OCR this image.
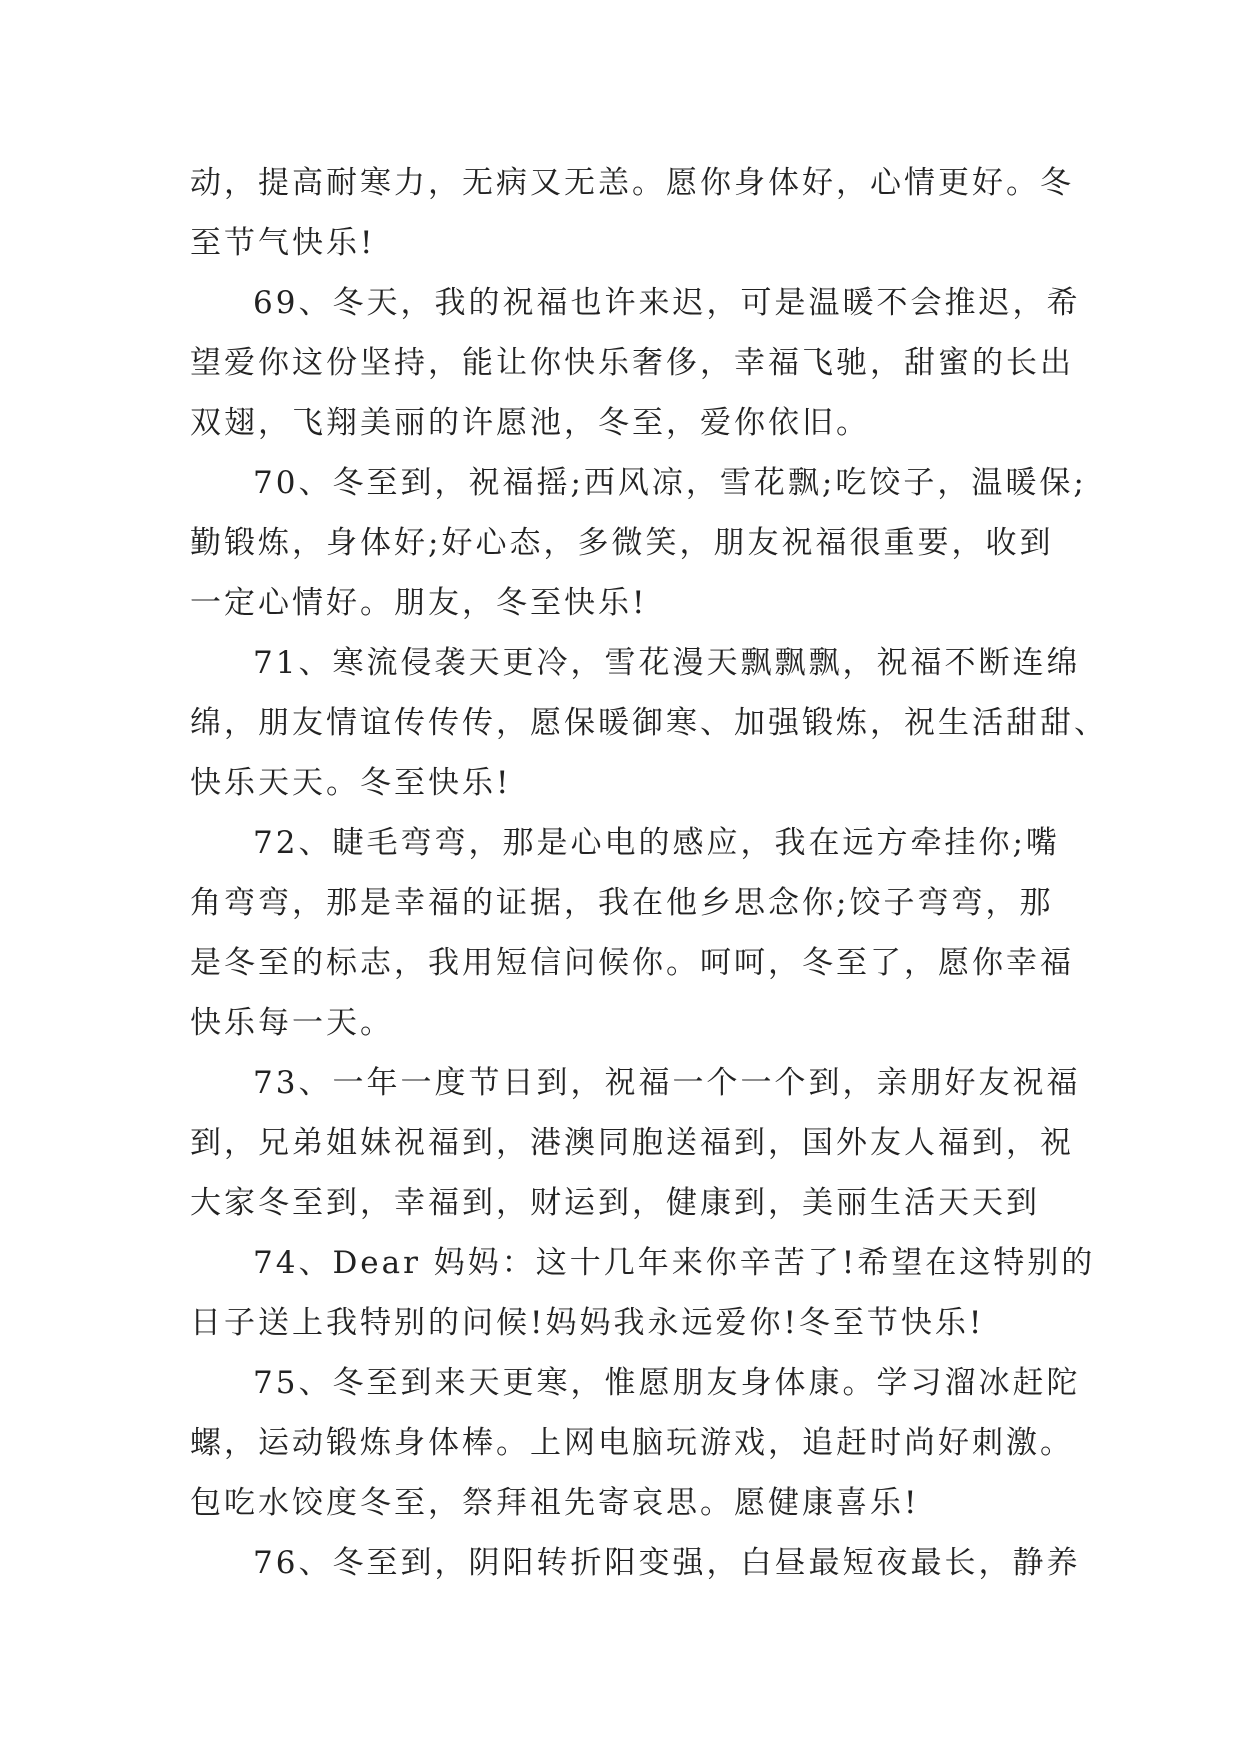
动，提高耐寒力，无病又无恙。愿你身体好，心情更好。冬
至节气快乐!
69、冬天，我的祝福也许来迟，可是温暖不会推迟，希
望爱你这份坚持，能让你快乐奢侈，幸福飞驰，甜蜜的长出
双翅，飞翔美丽的许愿池，冬至，爱你依旧。
70、冬至到，祝福摇;西风凉，雪花飘;吃饺子，温暖保;
勤锻炼，身体好;好心态，多微笑，朋友祝福很重要，收到
一定心情好。朋友，冬至快乐!
71、寒流侵袭天更冷，雪花漫天飘飘飘，祝福不断连绵
绵，朋友情谊传传传，愿保暖御寒、加强锻炼，祝生活甜甜、
快乐天天。冬至快乐!
72、睫毛弯弯，那是心电的感应，我在远方牵挂你;嘴
角弯弯，那是幸福的证据，我在他乡思念你;饺子弯弯，那
是冬至的标志，我用短信问候你。呵呵，冬至了，愿你幸福
快乐每一天。
73、一年一度节日到，祝福一个一个到，亲朋好友祝福
到，兄弟姐妹祝福到，港澳同胞送福到，国外友人福到，祝
大家冬至到，幸福到，财运到，健康到，美丽生活天天到
74、Dear 妈妈：这十几年来你辛苦了!希望在这特别的
日子送上我特别的问候!妈妈我永远爱你!冬至节快乐!
75、冬至到来天更寒，惟愿朋友身体康。学习溜冰赶陀
螺，运动锻炼身体棒。上网电脑玩游戏，追赶时尚好刺激。
包吃水饺度冬至，祭拜祖先寄哀思。愿健康喜乐!
76、冬至到，阴阳转折阳变强，白昼最短夜最长，静养
